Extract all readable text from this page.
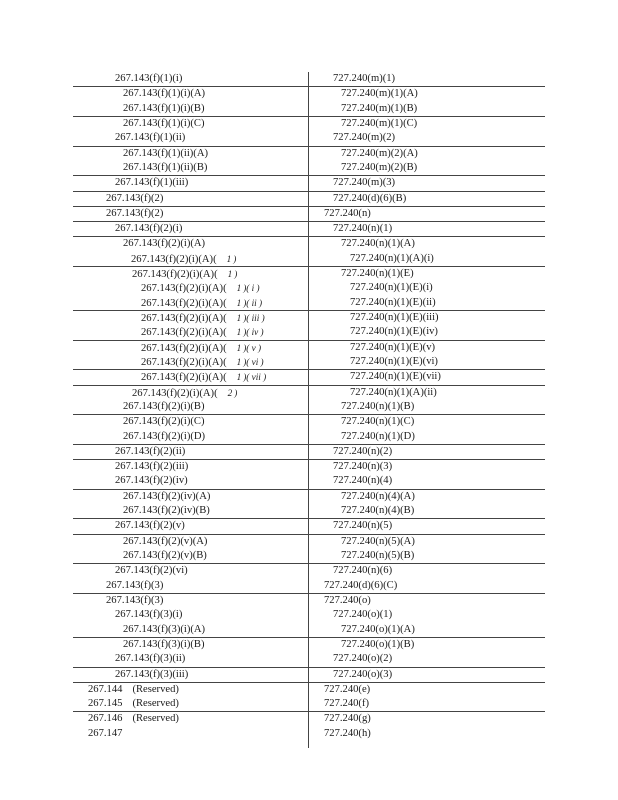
267.143(f)(1)(i)	727.240(m)(1)
267.143(f)(1)(i)(A)	727.240(m)(1)(A)
267.143(f)(1)(i)(B)	727.240(m)(1)(B)
267.143(f)(1)(i)(C)	727.240(m)(1)(C)
267.143(f)(1)(ii)	727.240(m)(2)
267.143(f)(1)(ii)(A)	727.240(m)(2)(A)
267.143(f)(1)(ii)(B)	727.240(m)(2)(B)
267.143(f)(1)(iii)	727.240(m)(3)
267.143(f)(2)	727.240(d)(6)(B)
267.143(f)(2)	727.240(n)
267.143(f)(2)(i)	727.240(n)(1)
267.143(f)(2)(i)(A)	727.240(n)(1)(A)
267.143(f)(2)(i)(A)( 1 )	727.240(n)(1)(A)(i)
267.143(f)(2)(i)(A)( 1 )	727.240(n)(1)(E)
267.143(f)(2)(i)(A)( 1 )( i )	727.240(n)(1)(E)(i)
267.143(f)(2)(i)(A)( 1 )( ii )	727.240(n)(1)(E)(ii)
267.143(f)(2)(i)(A)( 1 )( iii )	727.240(n)(1)(E)(iii)
267.143(f)(2)(i)(A)( 1 )( iv )	727.240(n)(1)(E)(iv)
267.143(f)(2)(i)(A)( 1 )( v )	727.240(n)(1)(E)(v)
267.143(f)(2)(i)(A)( 1 )( vi )	727.240(n)(1)(E)(vi)
267.143(f)(2)(i)(A)( 1 )( vii )	727.240(n)(1)(E)(vii)
267.143(f)(2)(i)(A)( 2 )	727.240(n)(1)(A)(ii)
267.143(f)(2)(i)(B)	727.240(n)(1)(B)
267.143(f)(2)(i)(C)	727.240(n)(1)(C)
267.143(f)(2)(i)(D)	727.240(n)(1)(D)
267.143(f)(2)(ii)	727.240(n)(2)
267.143(f)(2)(iii)	727.240(n)(3)
267.143(f)(2)(iv)	727.240(n)(4)
267.143(f)(2)(iv)(A)	727.240(n)(4)(A)
267.143(f)(2)(iv)(B)	727.240(n)(4)(B)
267.143(f)(2)(v)	727.240(n)(5)
267.143(f)(2)(v)(A)	727.240(n)(5)(A)
267.143(f)(2)(v)(B)	727.240(n)(5)(B)
267.143(f)(2)(vi)	727.240(n)(6)
267.143(f)(3)	727.240(d)(6)(C)
267.143(f)(3)	727.240(o)
267.143(f)(3)(i)	727.240(o)(1)
267.143(f)(3)(i)(A)	727.240(o)(1)(A)
267.143(f)(3)(i)(B)	727.240(o)(1)(B)
267.143(f)(3)(ii)	727.240(o)(2)
267.143(f)(3)(iii)	727.240(o)(3)
267.144 (Reserved)	727.240(e)
267.145 (Reserved)	727.240(f)
267.146 (Reserved)	727.240(g)
267.147	727.240(h)
